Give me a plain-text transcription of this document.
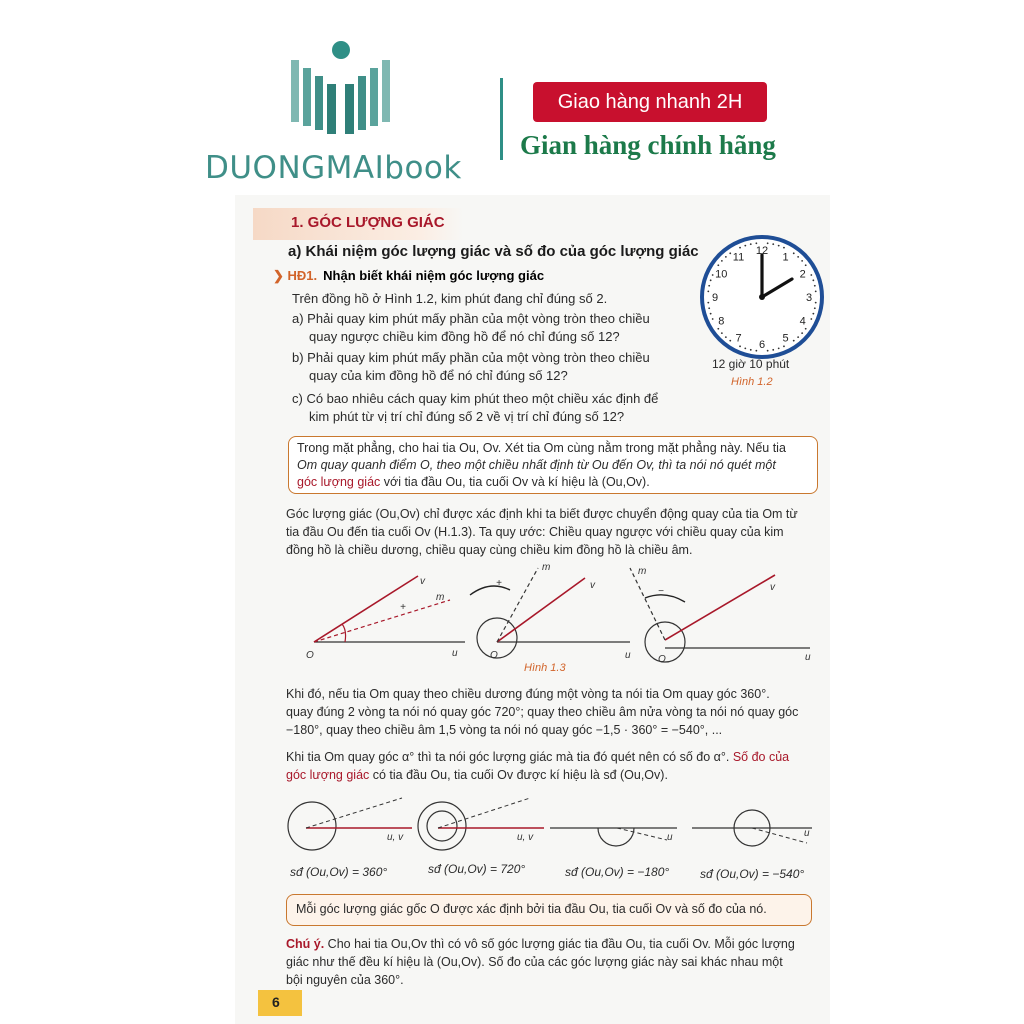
DUONGMAIbook
Giao hàng nhanh 2H
Gian hàng chính hãng
1. GÓC LƯỢNG GIÁC
a) Khái niệm góc lượng giác và số đo của góc lượng giác
❯ HĐ1. Nhận biết khái niệm góc lượng giác
Trên đồng hồ ở Hình 1.2, kim phút đang chỉ đúng số 2.
a) Phải quay kim phút mấy phần của một vòng tròn theo chiều
quay ngược chiều kim đồng hồ để nó chỉ đúng số 12?
b) Phải quay kim phút mấy phần của một vòng tròn theo chiều
quay của kim đồng hồ để nó chỉ đúng số 12?
c) Có bao nhiêu cách quay kim phút theo một chiều xác định để
kim phút từ vị trí chỉ đúng số 2 về vị trí chỉ đúng số 12?
12
1
2
3
4
5
6
7
8
9
10
11
12 giờ 10 phút
Hình 1.2
Trong mặt phẳng, cho hai tia Ou, Ov. Xét tia Om cùng nằm trong mặt phẳng này. Nếu tia
Om quay quanh điểm O, theo một chiều nhất định từ Ou đến Ov, thì ta nói nó quét một
góc lượng giác với tia đầu Ou, tia cuối Ov và kí hiệu là (Ou,Ov).
Góc lượng giác (Ou,Ov) chỉ được xác định khi ta biết được chuyển động quay của tia Om từ
tia đầu Ou đến tia cuối Ov (H.1.3). Ta quy ước: Chiều quay ngược với chiều quay của kim
đồng hồ là chiều dương, chiều quay cùng chiều kim đồng hồ là chiều âm.
O	u
v
m
+
O	u
v
m
+
O	u
v
m
−
Hình 1.3
Khi đó, nếu tia Om quay theo chiều dương đúng một vòng ta nói tia Om quay góc 360°.
quay đúng 2 vòng ta nói nó quay góc 720°; quay theo chiều âm nửa vòng ta nói nó quay góc
−180°, quay theo chiều âm 1,5 vòng ta nói nó quay góc −1,5 · 360° = −540°, ...
Khi tia Om quay góc α° thì ta nói góc lượng giác mà tia đó quét nên có số đo α°. Số đo của
góc lượng giác có tia đầu Ou, tia cuối Ov được kí hiệu là sđ (Ou,Ov).
u, v	u, v	u	u
sđ (Ou,Ov) = 360°	sđ (Ou,Ov) = 720°	sđ (Ou,Ov) = −180°	sđ (Ou,Ov) = −540°
Mỗi góc lượng giác gốc O được xác định bởi tia đầu Ou, tia cuối Ov và số đo của nó.
Chú ý. Cho hai tia Ou,Ov thì có vô số góc lượng giác tia đầu Ou, tia cuối Ov. Mỗi góc lượng
giác như thế đều kí hiệu là (Ou,Ov). Số đo của các góc lượng giác này sai khác nhau một
bội nguyên của 360°.
6
